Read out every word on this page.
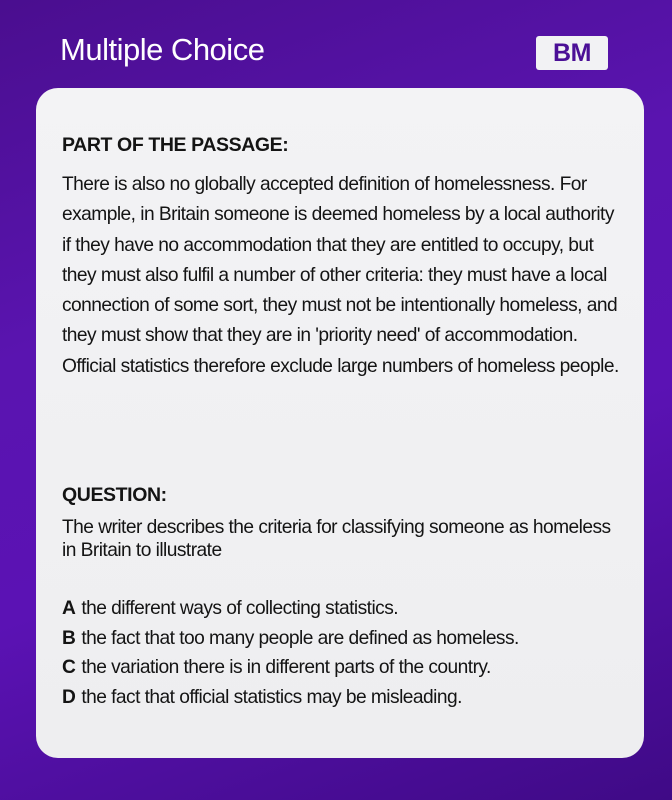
Multiple Choice	BM
PART OF THE PASSAGE:
There is also no globally accepted definition of homelessness. For example, in Britain someone is deemed homeless by a local authority if they have no accommodation that they are entitled to occupy, but they must also fulfil a number of other criteria: they must have a local connection of some sort, they must not be intentionally homeless, and they must show that they are in 'priority need' of accommodation. Official statistics therefore exclude large numbers of homeless people.
QUESTION:
The writer describes the criteria for classifying someone as homeless in Britain to illustrate
A the different ways of collecting statistics.
B the fact that too many people are defined as homeless.
C the variation there is in different parts of the country.
D the fact that official statistics may be misleading.
